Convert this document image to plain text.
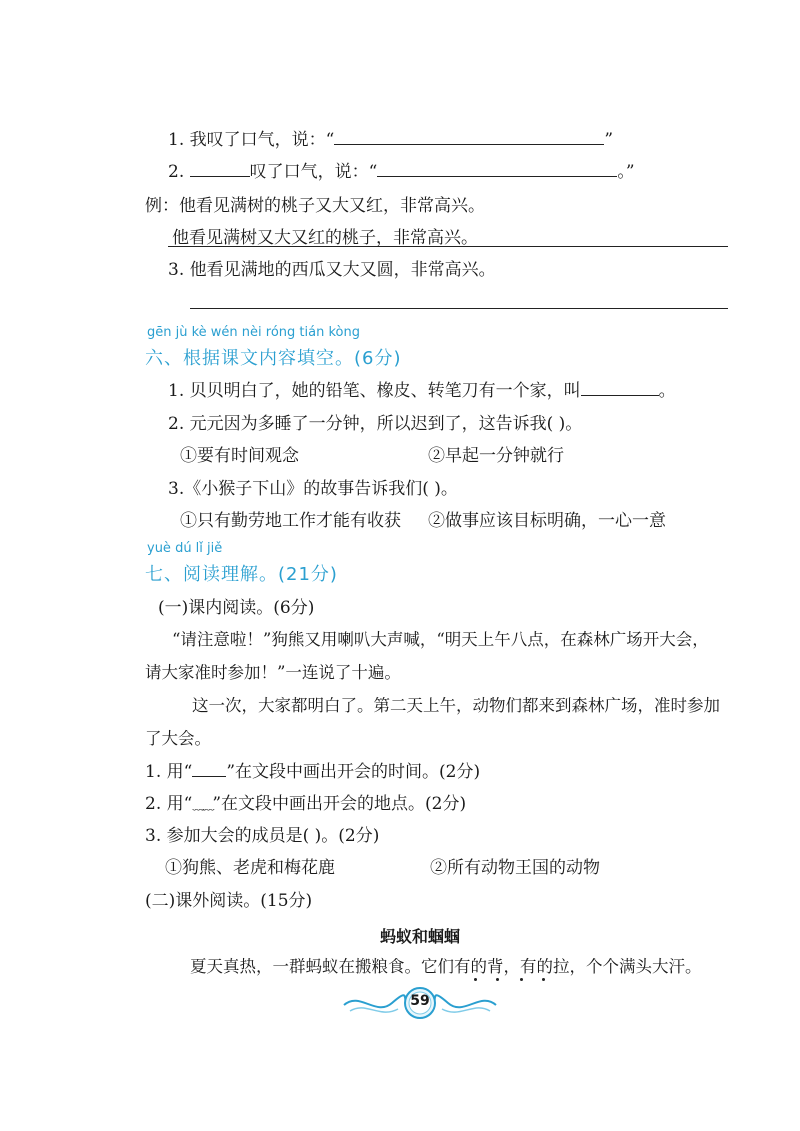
1. 我叹了口气，说：“	”
2.	叹了口气，说：“	。”
例：他看见满树的桃子又大又红，非常高兴。
他看见满树又大又红的桃子，非常高兴。
3. 他看见满地的西瓜又大又圆，非常高兴。
gēn jù kè wén nèi róng tián kòng
六、根据课文内容填空。(6分)
1. 贝贝明白了，她的铅笔、橡皮、转笔刀有一个家，叫	。
2. 元元因为多睡了一分钟，所以迟到了，这告诉我( )。
①要有时间观念	②早起一分钟就行
3.《小猴子下山》的故事告诉我们( )。
①只有勤劳地工作才能有收获 ②做事应该目标明确，一心一意
yuè dú lǐ jiě
七、阅读理解。(21分)
(一)课内阅读。(6分)
“请注意啦！”狗熊又用喇叭大声喊，“明天上午八点，在森林广场开大会，
请大家准时参加！”一连说了十遍。
这一次，大家都明白了。第二天上午，动物们都来到森林广场，准时参加
了大会。
1. 用“ ”在文段中画出开会的时间。(2分)
2. 用“﹏﹏”在文段中画出开会的地点。(2分)
3. 参加大会的成员是( )。(2分)
①狗熊、老虎和梅花鹿	②所有动物王国的动物
(二)课外阅读。(15分)
蚂蚁和蝈蝈
夏天真热，一群蚂蚁在搬粮食。它们有的背，有的拉，个个满头大汗。
59
